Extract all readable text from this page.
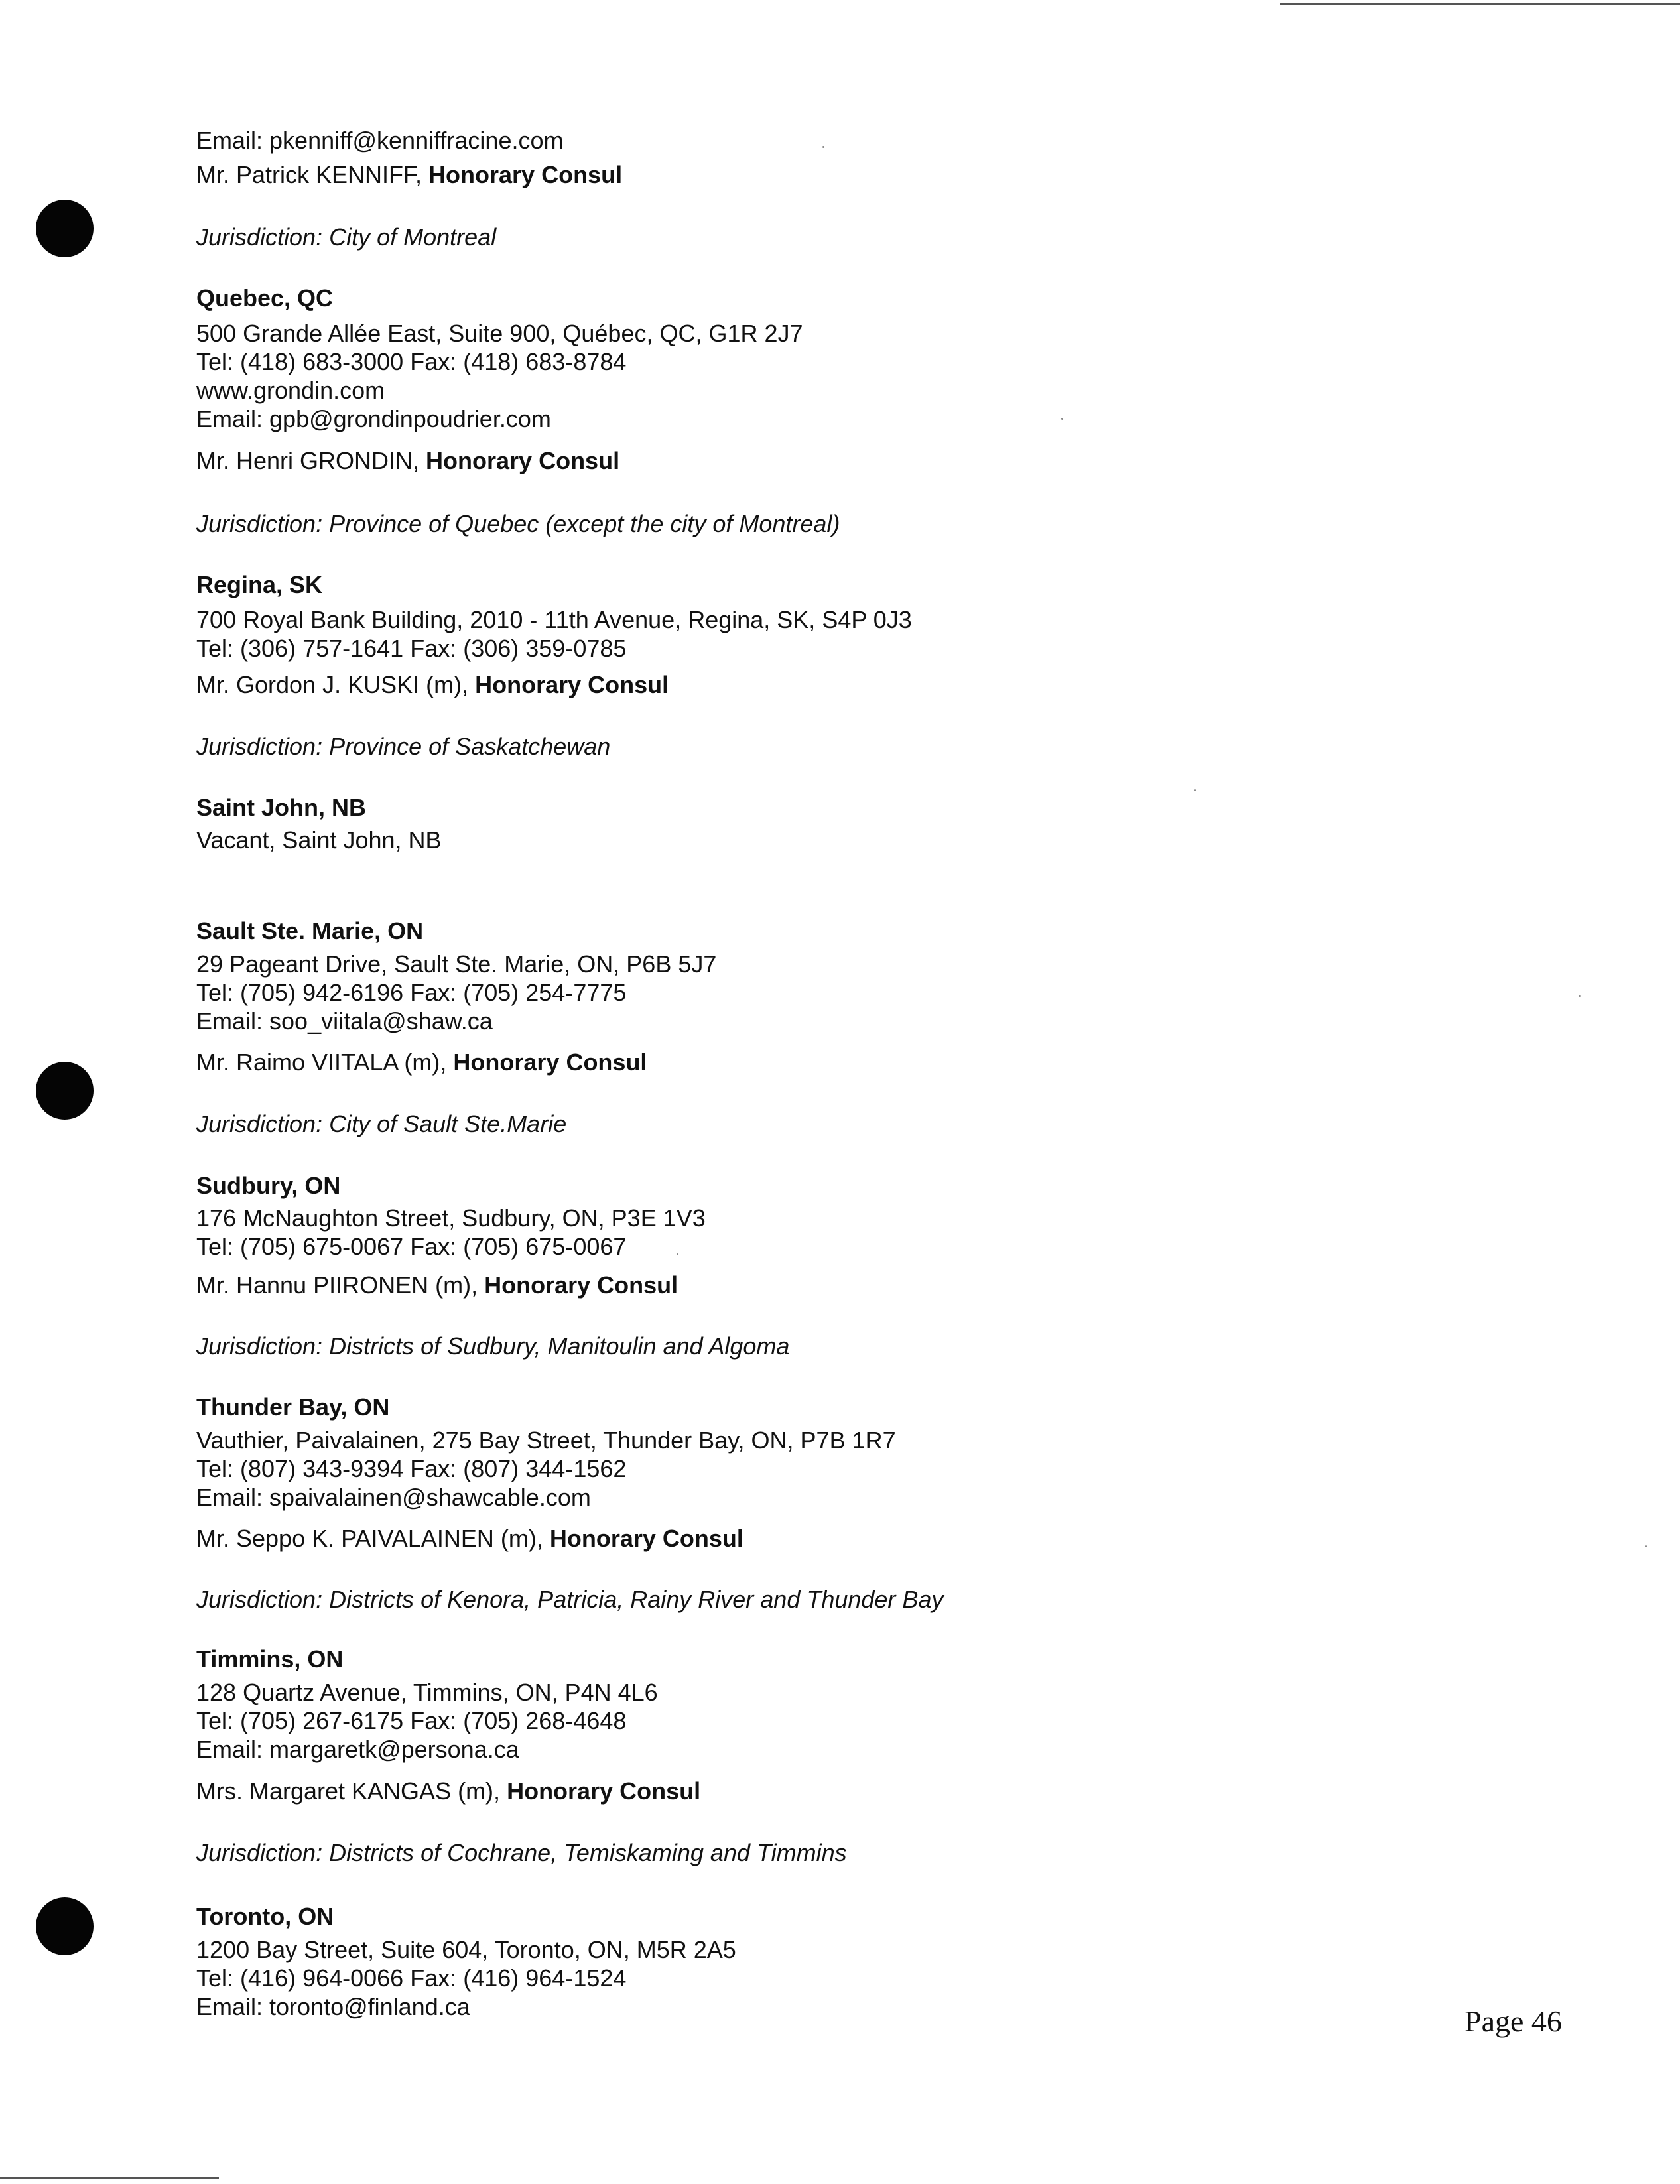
Email: pkenniff@kenniffracine.com
Mr. Patrick KENNIFF, Honorary Consul
Jurisdiction: City of Montreal
Quebec, QC
500 Grande Allée East, Suite 900, Québec, QC, G1R 2J7
Tel: (418) 683-3000 Fax: (418) 683-8784
www.grondin.com
Email: gpb@grondinpoudrier.com
Mr. Henri GRONDIN, Honorary Consul
Jurisdiction: Province of Quebec (except the city of Montreal)
Regina, SK
700 Royal Bank Building, 2010 - 11th Avenue, Regina, SK, S4P 0J3
Tel: (306) 757-1641 Fax: (306) 359-0785
Mr. Gordon J. KUSKI (m), Honorary Consul
Jurisdiction: Province of Saskatchewan
Saint John, NB
Vacant, Saint John, NB
Sault Ste. Marie, ON
29 Pageant Drive, Sault Ste. Marie, ON, P6B 5J7
Tel: (705) 942-6196 Fax: (705) 254-7775
Email: soo_viitala@shaw.ca
Mr. Raimo VIITALA (m), Honorary Consul
Jurisdiction: City of Sault Ste.Marie
Sudbury, ON
176 McNaughton Street, Sudbury, ON, P3E 1V3
Tel: (705) 675-0067 Fax: (705) 675-0067
Mr. Hannu PIIRONEN (m), Honorary Consul
Jurisdiction: Districts of Sudbury, Manitoulin and Algoma
Thunder Bay, ON
Vauthier, Paivalainen, 275 Bay Street, Thunder Bay, ON, P7B 1R7
Tel: (807) 343-9394 Fax: (807) 344-1562
Email: spaivalainen@shawcable.com
Mr. Seppo K. PAIVALAINEN (m), Honorary Consul
Jurisdiction: Districts of Kenora, Patricia, Rainy River and Thunder Bay
Timmins, ON
128 Quartz Avenue, Timmins, ON, P4N 4L6
Tel: (705) 267-6175 Fax: (705) 268-4648
Email: margaretk@persona.ca
Mrs. Margaret KANGAS (m), Honorary Consul
Jurisdiction: Districts of Cochrane, Temiskaming and Timmins
Toronto, ON
1200 Bay Street, Suite 604, Toronto, ON, M5R 2A5
Tel: (416) 964-0066 Fax: (416) 964-1524
Email: toronto@finland.ca	Page 46
